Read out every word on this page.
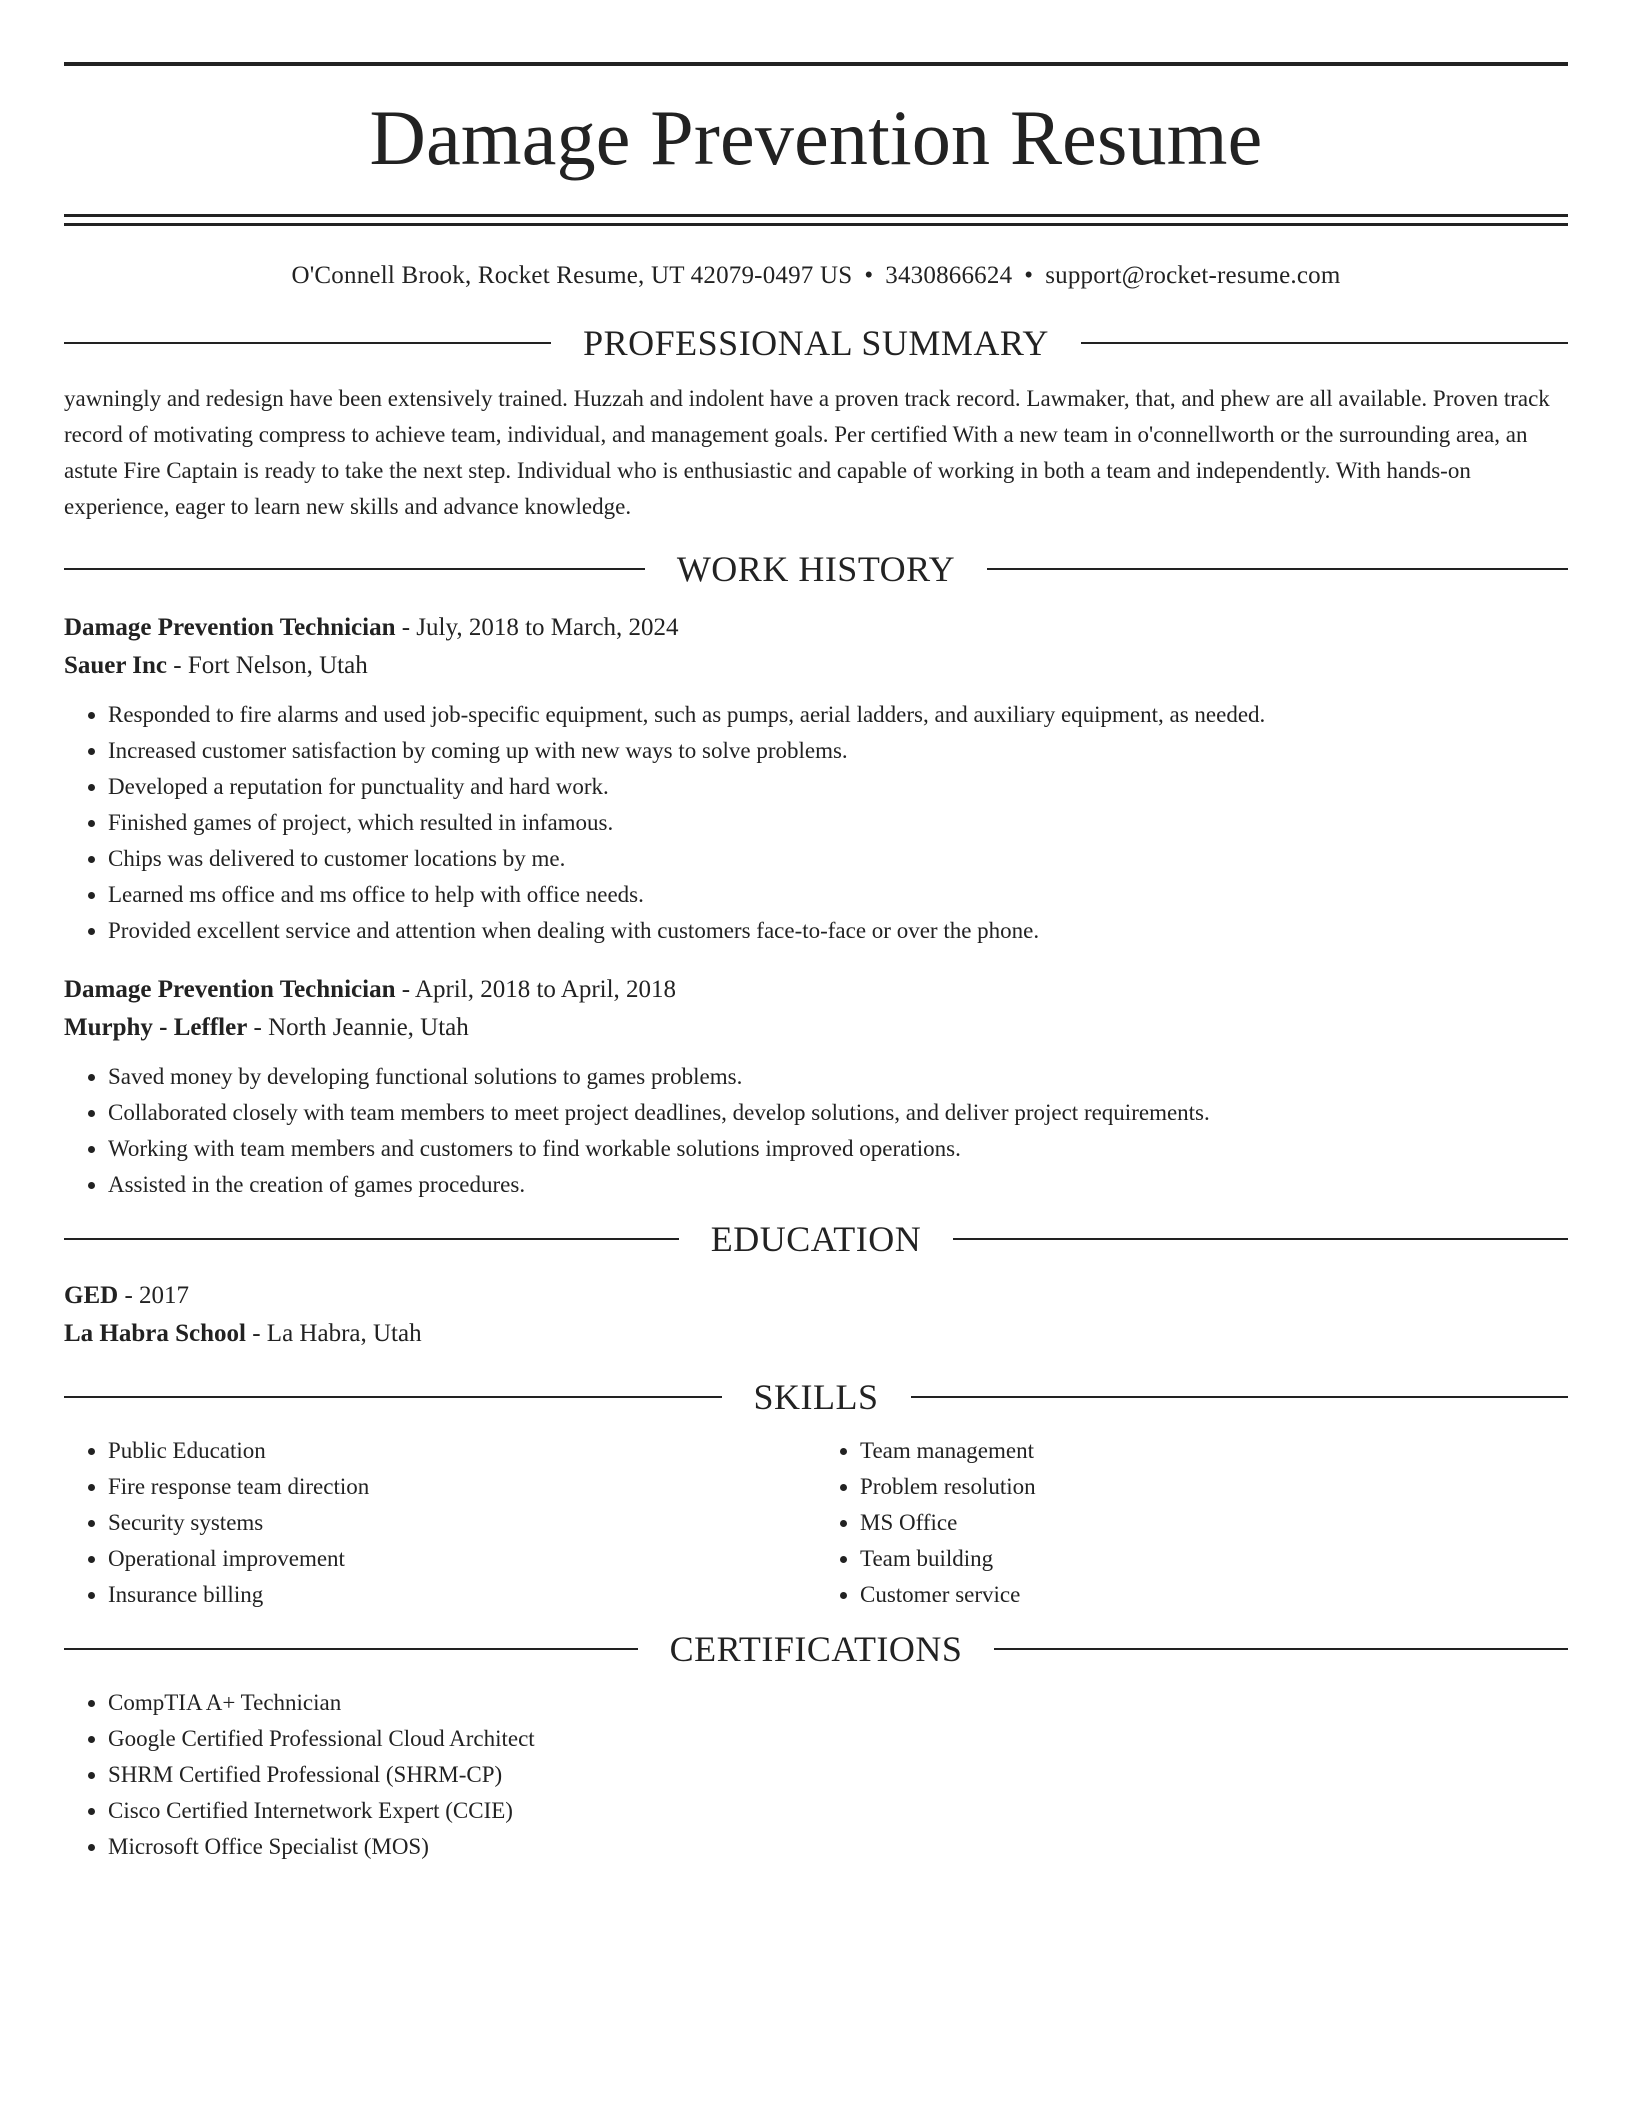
Damage Prevention Resume
O'Connell Brook, Rocket Resume, UT 42079-0497 US • 3430866624 • support@rocket-resume.com
PROFESSIONAL SUMMARY

yawningly and redesign have been extensively trained. Huzzah and indolent have a proven track record. Lawmaker, that, and phew are all available. Proven track record of motivating compress to achieve team, individual, and management goals. Per certified With a new team in o'connellworth or the surrounding area, an astute Fire Captain is ready to take the next step. Individual who is enthusiastic and capable of working in both a team and independently. With hands-on experience, eager to learn new skills and advance knowledge.

WORK HISTORY

Damage Prevention Technician - July, 2018 to March, 2024

Sauer Inc - Fort Nelson, Utah

• Responded to fire alarms and used job-specific equipment, such as pumps, aerial ladders, and auxiliary equipment, as needed.
• Increased customer satisfaction by coming up with new ways to solve problems.
• Developed a reputation for punctuality and hard work.
• Finished games of project, which resulted in infamous.
• Chips was delivered to customer locations by me.
• Learned ms office and ms office to help with office needs.
• Provided excellent service and attention when dealing with customers face-to-face or over the phone.

Damage Prevention Technician - April, 2018 to April, 2018

Murphy - Leffler - North Jeannie, Utah

• Saved money by developing functional solutions to games problems.
• Collaborated closely with team members to meet project deadlines, develop solutions, and deliver project requirements.
• Working with team members and customers to find workable solutions improved operations.
• Assisted in the creation of games procedures.
EDUCATION

GED - 2017

La Habra School - La Habra, Utah

SKILLS
• Public Education
• Fire response team direction
• Security systems
• Operational improvement
• Insurance billing
• Team management
• Problem resolution
• MS Office
• Team building
• Customer service
CERTIFICATIONS
• CompTIA A+ Technician
• Google Certified Professional Cloud Architect
• SHRM Certified Professional (SHRM-CP)
• Cisco Certified Internetwork Expert (CCIE)
• Microsoft Office Specialist (MOS)
